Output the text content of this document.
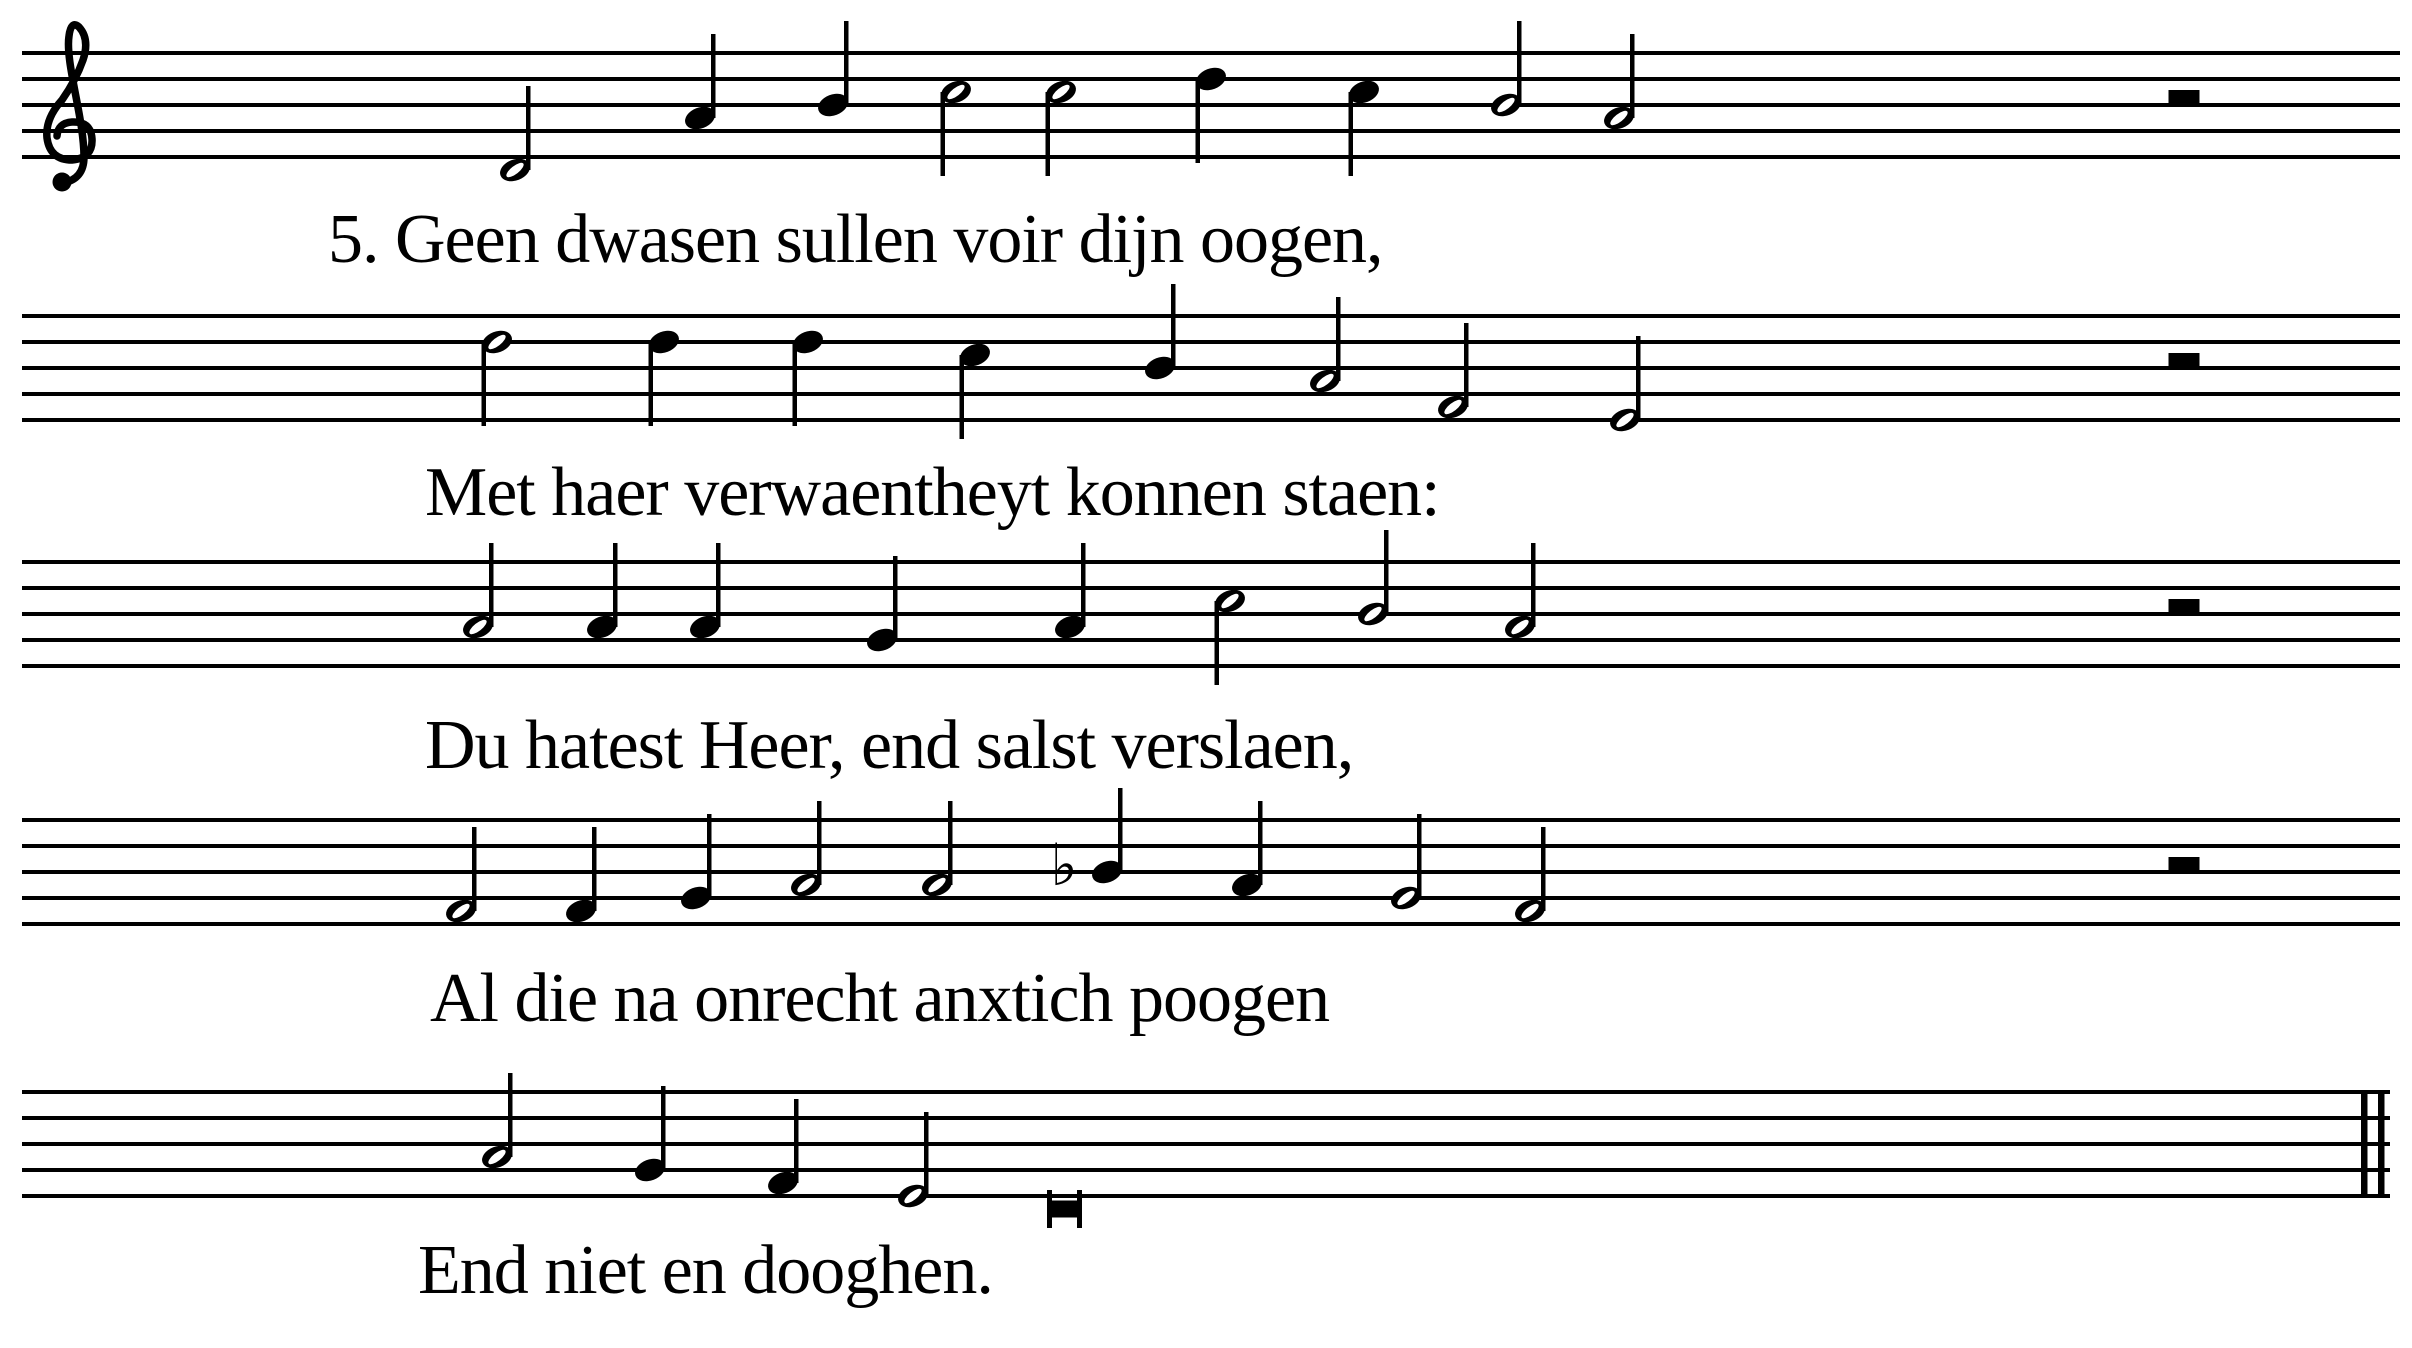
♭
5. Geen dwasen sullen voir dijn oogen,
Met haer verwaentheyt konnen staen:
Du hatest Heer, end salst verslaen,
Al die na onrecht anxtich poogen
End niet en dooghen.
